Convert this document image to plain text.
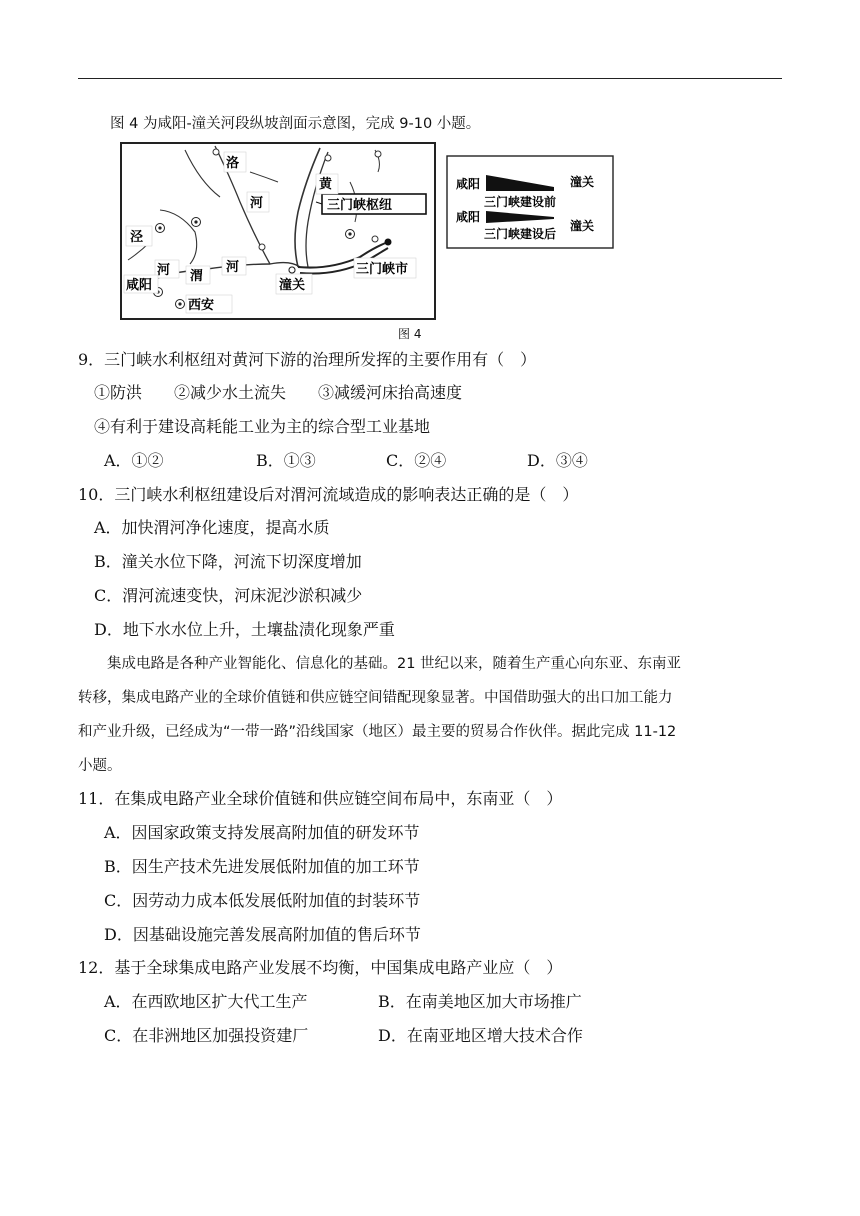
图 4 为咸阳-潼关河段纵坡剖面示意图，完成 9-10 小题。
洛
黄
河
泾
河 渭
河
咸阳
西安
潼关
三门峡市
三门峡枢纽
咸阳	潼关
三门峡建设前
咸阳
潼关
三门峡建设后
图 4
9．三门峡水利枢纽对黄河下游的治理所发挥的主要作用有（　）
①防洪　　②减少水土流失　　③减缓河床抬高速度
④有利于建设高耗能工业为主的综合型工业基地
A．①②	B．①③	C．②④	D．③④
10．三门峡水利枢纽建设后对渭河流域造成的影响表达正确的是（　）
A．加快渭河净化速度，提高水质
B．潼关水位下降，河流下切深度增加
C．渭河流速变快，河床泥沙淤积减少
D．地下水水位上升，土壤盐渍化现象严重
　　集成电路是各种产业智能化、信息化的基础。21 世纪以来，随着生产重心向东亚、东南亚
转移，集成电路产业的全球价值链和供应链空间错配现象显著。中国借助强大的出口加工能力
和产业升级，已经成为“一带一路”沿线国家（地区）最主要的贸易合作伙伴。据此完成 11-12
小题。
11．在集成电路产业全球价值链和供应链空间布局中，东南亚（　）
A．因国家政策支持发展高附加值的研发环节
B．因生产技术先进发展低附加值的加工环节
C．因劳动力成本低发展低附加值的封装环节
D．因基础设施完善发展高附加值的售后环节
12．基于全球集成电路产业发展不均衡，中国集成电路产业应（　）
A．在西欧地区扩大代工生产	B．在南美地区加大市场推广
C．在非洲地区加强投资建厂	D．在南亚地区增大技术合作
